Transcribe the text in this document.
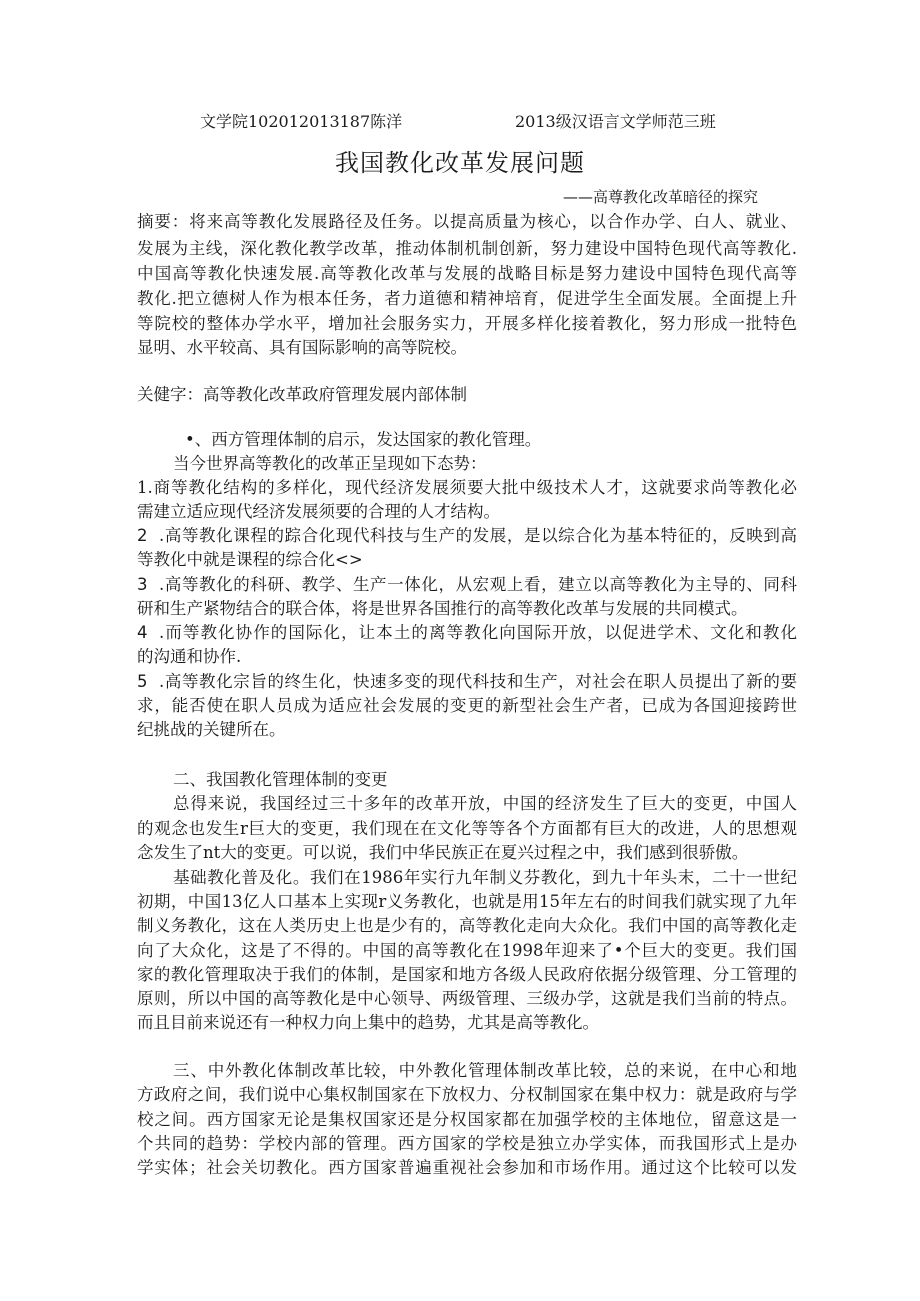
文学院102012013187陈洋	2013级汉语言文学师范三班
我国教化改革发展问题
——高尊教化改革暗径的探究
摘要：将来高等教化发展路径及任务。以提高质量为核心，以合作办学、白人、就业、
发展为主线，深化教化教学改革，推动体制机制创新，努力建设中国特色现代高等教化.
中国高等教化快速发展.高等教化改革与发展的战略目标是努力建设中国特色现代高等
教化.把立德树人作为根本任务，者力道德和精神培育，促进学生全面发展。全面提上升
等院校的整体办学水平，增加社会服务实力，开展多样化接着教化，努力形成一批特色
显明、水平较高、具有国际影响的高等院校。
关健字：高等教化改革政府管理发展内部体制
•、西方管理体制的启示，发达国家的教化管理。
当今世界高等教化的改革正呈现如下态势：
1.商等教化结构的多样化，现代经济发展须要大批中级技术人才，这就要求尚等教化必
需建立适应现代经济发展须要的合理的人才结构。
2 .高等教化课程的踪合化现代科技与生产的发展，是以综合化为基本特征的，反映到高
等教化中就是课程的综合化<>
3 .高等教化的科研、教学、生产一体化，从宏观上看，建立以高等教化为主导的、同科
研和生产紧物结合的联合体，将是世界各国推行的高等教化改革与发展的共同模式。
4 .而等教化协作的国际化，让本土的离等教化向国际开放，以促进学术、文化和教化
的沟通和协作.
5 .高等教化宗旨的终生化，快速多变的现代科技和生产，对社会在职人员提出了新的要
求，能否使在职人员成为适应社会发展的变更的新型社会生产者，已成为各国迎接跨世
纪挑战的关键所在。
二、我国教化管理体制的变更
总得来说，我国经过三十多年的改革开放，中国的经济发生了巨大的变更，中国人
的观念也发生r巨大的变更，我们现在在文化等等各个方面都有巨大的改进，人的思想观
念发生了nt大的变更。可以说，我们中华民族正在夏兴过程之中，我们感到很骄傲。
基础教化普及化。我们在1986年实行九年制义芬教化，到九十年头末，二十一世纪
初期，中国13亿人口基本上实现r义务教化，也就是用15年左右的时间我们就实现了九年
制义务教化，这在人类历史上也是少有的，高等教化走向大众化。我们中国的高等教化走
向了大众化，这是了不得的。中国的高等教化在1998年迎来了•个巨大的变更。我们国
家的教化管理取决于我们的体制，是国家和地方各级人民政府依据分级管理、分工管理的
原则，所以中国的高等教化是中心领导、两级管理、三级办学，这就是我们当前的特点。
而且目前来说还有一种权力向上集中的趋势，尤其是高等教化。
三、中外教化体制改革比较，中外教化管理体制改革比较，总的来说，在中心和地
方政府之间，我们说中心集权制国家在下放权力、分权制国家在集中权力：就是政府与学
校之间。西方国家无论是集权国家还是分权国家都在加强学校的主体地位，留意这是一
个共同的趋势：学校内部的管理。西方国家的学校是独立办学实体，而我国形式上是办
学实体；社会关切教化。西方国家普遍重视社会参加和市场作用。通过这个比较可以发
